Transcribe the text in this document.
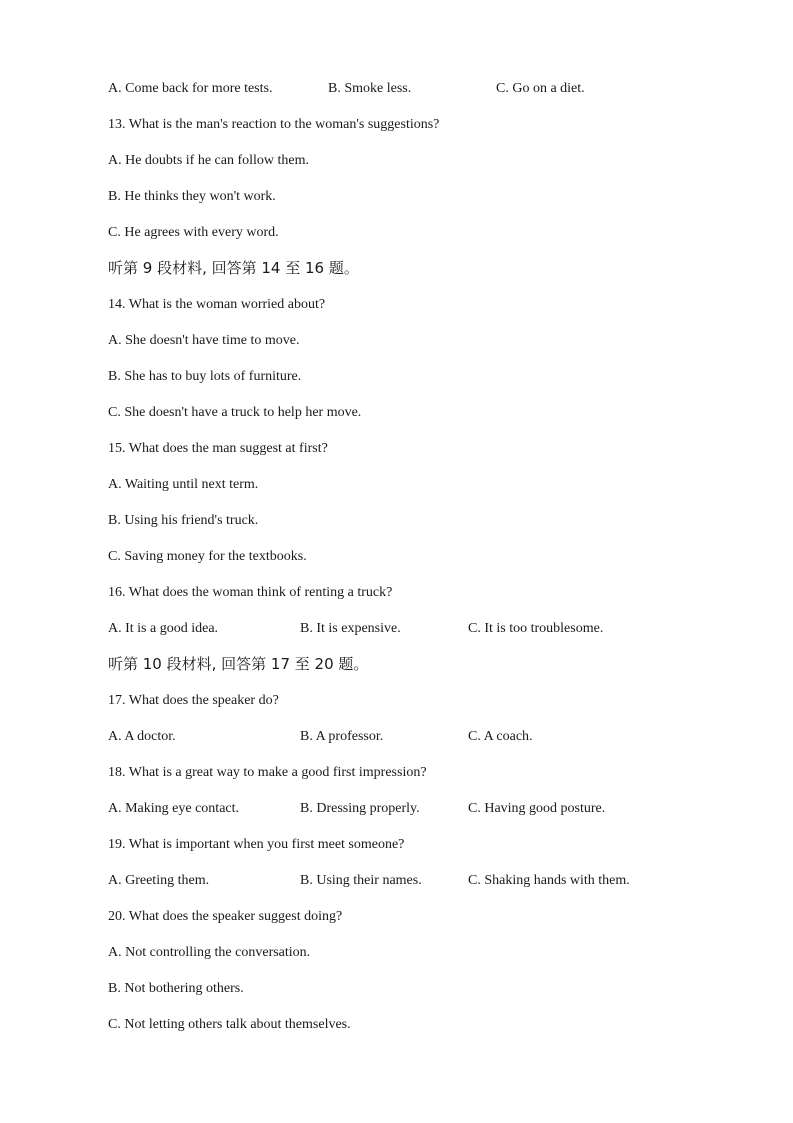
A. Come back for more tests.	B. Smoke less.	C. Go on a diet.
13. What is the man's reaction to the woman's suggestions?
A. He doubts if he can follow them.
B. He thinks they won't work.
C. He agrees with every word.
听第 9 段材料, 回答第 14 至 16 题。
14. What is the woman worried about?
A. She doesn't have time to move.
B. She has to buy lots of furniture.
C. She doesn't have a truck to help her move.
15. What does the man suggest at first?
A. Waiting until next term.
B. Using his friend's truck.
C. Saving money for the textbooks.
16. What does the woman think of renting a truck?
A. It is a good idea.	B. It is expensive.	C. It is too troublesome.
听第 10 段材料, 回答第 17 至 20 题。
17. What does the speaker do?
A. A doctor.	B. A professor.	C. A coach.
18. What is a great way to make a good first impression?
A. Making eye contact.	B. Dressing properly.	C. Having good posture.
19. What is important when you first meet someone?
A. Greeting them.	B. Using their names.	C. Shaking hands with them.
20. What does the speaker suggest doing?
A. Not controlling the conversation.
B. Not bothering others.
C. Not letting others talk about themselves.
